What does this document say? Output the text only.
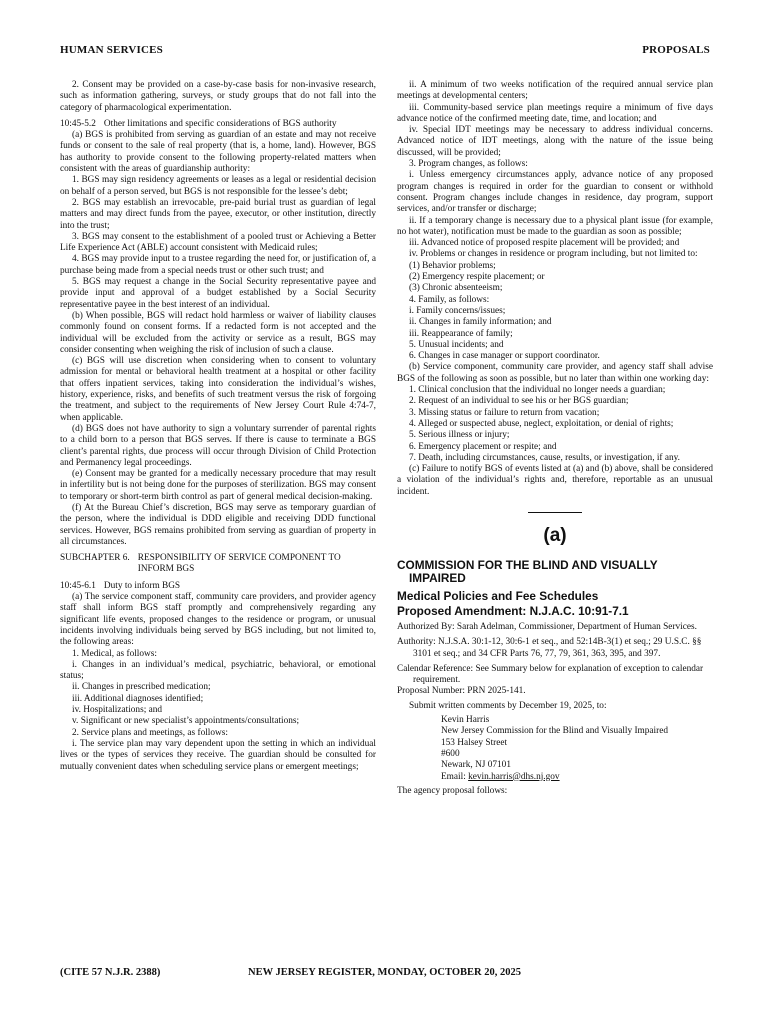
HUMAN SERVICES	PROPOSALS

2. Consent may be provided on a case-by-case basis for non-invasive research, such as information gathering, surveys, or study groups that do not fall into the category of pharmacological experimentation.

10:45-5.2 Other limitations and specific considerations of BGS authority

(a) BGS is prohibited from serving as guardian of an estate and may not receive funds or consent to the sale of real property (that is, a home, land). However, BGS has authority to provide consent to the following property-related matters when consistent with the areas of guardianship authority:

1. BGS may sign residency agreements or leases as a legal or residential decision on behalf of a person served, but BGS is not responsible for the lessee’s debt;

2. BGS may establish an irrevocable, pre-paid burial trust as guardian of legal matters and may direct funds from the payee, executor, or other institution, directly into the trust;

3. BGS may consent to the establishment of a pooled trust or Achieving a Better Life Experience Act (ABLE) account consistent with Medicaid rules;

4. BGS may provide input to a trustee regarding the need for, or justification of, a purchase being made from a special needs trust or other such trust; and

5. BGS may request a change in the Social Security representative payee and provide input and approval of a budget established by a Social Security representative payee in the best interest of an individual.

(b) When possible, BGS will redact hold harmless or waiver of liability clauses commonly found on consent forms. If a redacted form is not accepted and the individual will be excluded from the activity or service as a result, BGS may consider consenting when weighing the risk of inclusion of such a clause.

(c) BGS will use discretion when considering when to consent to voluntary admission for mental or behavioral health treatment at a hospital or other facility that offers inpatient services, taking into consideration the individual’s wishes, history, experience, risks, and benefits of such treatment versus the risk of forgoing the treatment, and subject to the requirements of New Jersey Court Rule 4:74-7, when applicable.

(d) BGS does not have authority to sign a voluntary surrender of parental rights to a child born to a person that BGS serves. If there is cause to terminate a BGS client’s parental rights, due process will occur through Division of Child Protection and Permanency legal proceedings.

(e) Consent may be granted for a medically necessary procedure that may result in infertility but is not being done for the purposes of sterilization. BGS may consent to temporary or short-term birth control as part of general medical decision-making.

(f) At the Bureau Chief’s discretion, BGS may serve as temporary guardian of the person, where the individual is DDD eligible and receiving DDD functional services. However, BGS remains prohibited from serving as guardian of property in all circumstances.

SUBCHAPTER 6. RESPONSIBILITY OF SERVICE COMPONENT TO INFORM BGS
10:45-6.1 Duty to inform BGS

(a) The service component staff, community care providers, and provider agency staff shall inform BGS staff promptly and comprehensively regarding any significant life events, proposed changes to the residence or program, or unusual incidents involving individuals being served by BGS including, but not limited to, the following areas:

1. Medical, as follows:

i. Changes in an individual’s medical, psychiatric, behavioral, or emotional status;

ii. Changes in prescribed medication;

iii. Additional diagnoses identified;

iv. Hospitalizations; and

v. Significant or new specialist’s appointments/consultations;

2. Service plans and meetings, as follows:

i. The service plan may vary dependent upon the setting in which an individual lives or the types of services they receive. The guardian should be consulted for mutually convenient dates when scheduling service plans or emergent meetings;

ii. A minimum of two weeks notification of the required annual service plan meetings at developmental centers;

iii. Community-based service plan meetings require a minimum of five days advance notice of the confirmed meeting date, time, and location; and

iv. Special IDT meetings may be necessary to address individual concerns. Advanced notice of IDT meetings, along with the nature of the issue being discussed, will be provided;

3. Program changes, as follows:

i. Unless emergency circumstances apply, advance notice of any proposed program changes is required in order for the guardian to consent or withhold consent. Program changes include changes in residence, day program, support services, and/or transfer or discharge;

ii. If a temporary change is necessary due to a physical plant issue (for example, no hot water), notification must be made to the guardian as soon as possible;

iii. Advanced notice of proposed respite placement will be provided; and

iv. Problems or changes in residence or program including, but not limited to:

(1) Behavior problems;

(2) Emergency respite placement; or

(3) Chronic absenteeism;

4. Family, as follows:

i. Family concerns/issues;

ii. Changes in family information; and

iii. Reappearance of family;

5. Unusual incidents; and

6. Changes in case manager or support coordinator.

(b) Service component, community care provider, and agency staff shall advise BGS of the following as soon as possible, but no later than within one working day:

1. Clinical conclusion that the individual no longer needs a guardian;

2. Request of an individual to see his or her BGS guardian;

3. Missing status or failure to return from vacation;

4. Alleged or suspected abuse, neglect, exploitation, or denial of rights;

5. Serious illness or injury;

6. Emergency placement or respite; and

7. Death, including circumstances, cause, results, or investigation, if any.

(c) Failure to notify BGS of events listed at (a) and (b) above, shall be considered a violation of the individual’s rights and, therefore, reportable as an unusual incident.

(a)

COMMISSION FOR THE BLIND AND VISUALLY IMPAIRED

Medical Policies and Fee Schedules

Proposed Amendment: N.J.A.C. 10:91-7.1

Authorized By: Sarah Adelman, Commissioner, Department of Human Services.

Authority: N.J.S.A. 30:1-12, 30:6-1 et seq., and 52:14B-3(1) et seq.; 29 U.S.C. §§ 3101 et seq.; and 34 CFR Parts 76, 77, 79, 361, 363, 395, and 397.

Calendar Reference: See Summary below for explanation of exception to calendar requirement.

Proposal Number: PRN 2025-141.

Submit written comments by December 19, 2025, to:

Kevin Harris

New Jersey Commission for the Blind and Visually Impaired

153 Halsey Street

#600

Newark, NJ 07101

Email: kevin.harris@dhs.nj.gov

The agency proposal follows:

(CITE 57 N.J.R. 2388)	NEW JERSEY REGISTER, MONDAY, OCTOBER 20, 2025
